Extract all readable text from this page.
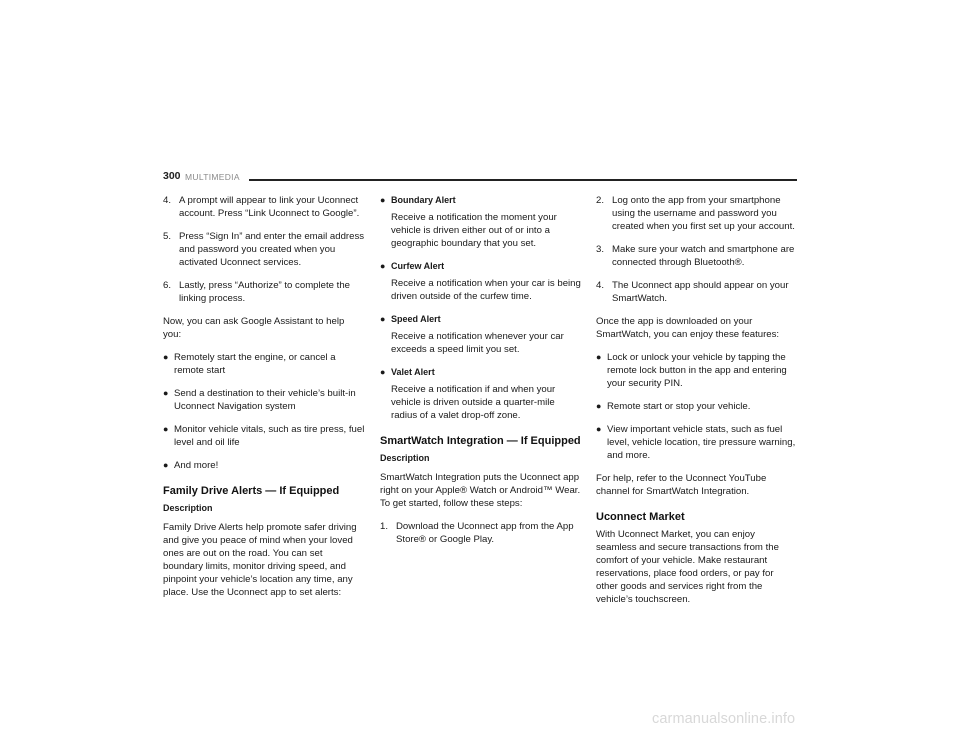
300 MULTIMEDIA
4. A prompt will appear to link your Uconnect account. Press “Link Uconnect to Google”.
5. Press “Sign In” and enter the email address and password you created when you activated Uconnect services.
6. Lastly, press “Authorize” to complete the linking process.

Now, you can ask Google Assistant to help you:

● Remotely start the engine, or cancel a remote start
● Send a destination to their vehicle’s built-in Uconnect Navigation system
● Monitor vehicle vitals, such as tire press, fuel level and oil life
● And more!
Family Drive Alerts — If Equipped
Description

Family Drive Alerts help promote safer driving and give you peace of mind when your loved ones are out on the road. You can set boundary limits, monitor driving speed, and pinpoint your vehicle’s location any time, any place. Use the Uconnect app to set alerts:

● Boundary Alert

Receive a notification the moment your vehicle is driven either out of or into a geographic boundary that you set.

● Curfew Alert

Receive a notification when your car is being driven outside of the curfew time.

● Speed Alert

Receive a notification whenever your car exceeds a speed limit you set.

● Valet Alert

Receive a notification if and when your vehicle is driven outside a quarter-mile radius of a valet drop-off zone.

SmartWatch Integration — If Equipped
Description

SmartWatch Integration puts the Uconnect app right on your Apple® Watch or Android™ Wear. To get started, follow these steps:

1. Download the Uconnect app from the App Store® or Google Play.
2. Log onto the app from your smartphone using the username and password you created when you first set up your account.
3. Make sure your watch and smartphone are connected through Bluetooth®.
4. The Uconnect app should appear on your SmartWatch.

Once the app is downloaded on your SmartWatch, you can enjoy these features:

● Lock or unlock your vehicle by tapping the remote lock button in the app and entering your security PIN.
● Remote start or stop your vehicle.
● View important vehicle stats, such as fuel level, vehicle location, tire pressure warning, and more.

For help, refer to the Uconnect YouTube channel for SmartWatch Integration.

Uconnect Market

With Uconnect Market, you can enjoy seamless and secure transactions from the comfort of your vehicle. Make restaurant reservations, place food orders, or pay for other goods and services right from the vehicle’s touchscreen.

carmanualsonline.info
